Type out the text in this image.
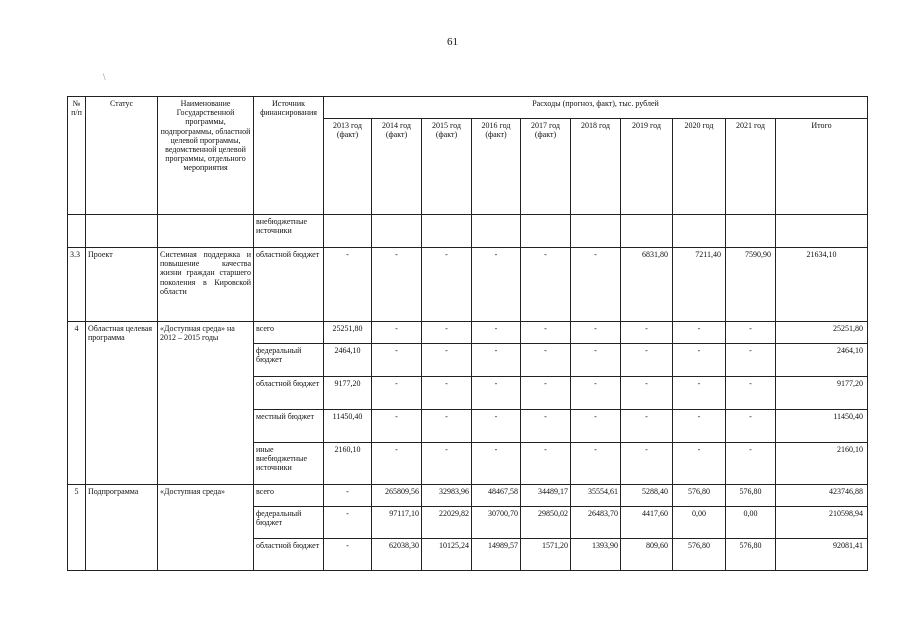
61
\
№ п/п	Статус	Наименование Государственной программы, подпрограммы, областной целевой программы, ведомственной целевой программы, отдельного мероприятия	Источник финансирования	Расходы (прогноз, факт), тыс. рублей									
				2013 год (факт)	2014 год (факт)	2015 год (факт)	2016 год (факт)	2017 год (факт)	2018 год	2019 год	2020 год	2021 год	Итого
			внебюджетные источники										
3.3	Проект	Системная поддержка и повышение качества жизни граждан старшего поколения в Кировской области	областной бюджет	-	-	-	-	-	-	6831,80	7211,40	7590,90	21634,10
4	Областная целевая программа	«Доступная среда» на 2012 – 2015 годы	всего	25251,80	-	-	-	-	-	-	-	-	25251,80
			федеральный бюджет	2464,10	-	-	-	-	-	-	-	-	2464,10
			областной бюджет	9177,20	-	-	-	-	-	-	-	-	9177,20
			местный бюджет	11450,40	-	-	-	-	-	-	-	-	11450,40
			иные внебюджетные источники	2160,10	-	-	-	-	-	-	-	-	2160,10
5	Подпрограмма	«Доступная среда»	всего	-	265809,56	32983,96	48467,58	34489,17	35554,61	5288,40	576,80	576,80	423746,88
			федеральный бюджет	-	97117,10	22029,82	30700,70	29850,02	26483,70	4417,60	0,00	0,00	210598,94
			областной бюджет	-	62038,30	10125,24	14989,57	1571,20	1393,90	809,60	576,80	576,80	92081,41
